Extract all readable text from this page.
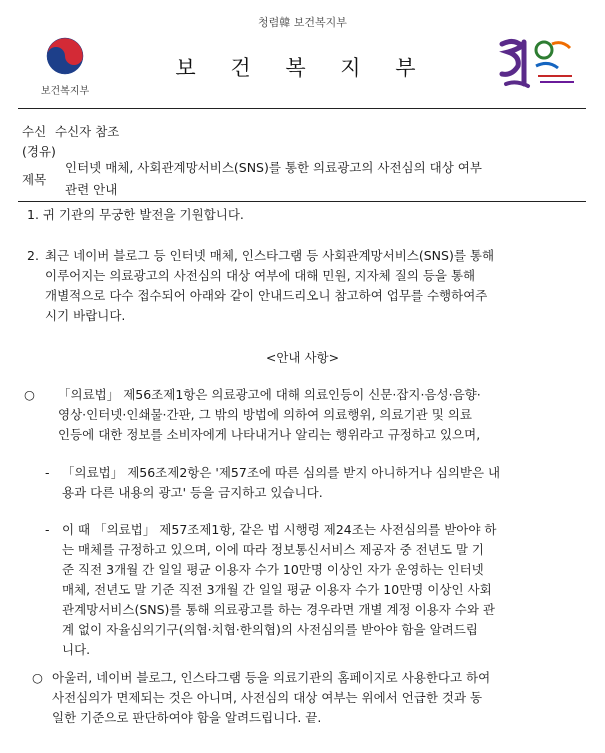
청렴韓 보건복지부
보건복지부
보 건 복 지 부
수신 수신자 참조
(경유)
제목
인터넷 매체, 사회관계망서비스(SNS)를 통한 의료광고의 사전심의 대상 여부
관련 안내
1. 귀 기관의 무궁한 발전을 기원합니다.
2. 최근 네이버 블로그 등 인터넷 매체, 인스타그램 등 사회관계망서비스(SNS)를 통해
이루어지는 의료광고의 사전심의 대상 여부에 대해 민원, 지자체 질의 등을 통해
개별적으로 다수 접수되어 아래와 같이 안내드리오니 참고하여 업무를 수행하여주
시기 바랍니다.
<안내 사항>
○ 「의료법」 제56조제1항은 의료광고에 대해 의료인등이 신문·잡지·음성·음향·
영상·인터넷·인쇄물·간판, 그 밖의 방법에 의하여 의료행위, 의료기관 및 의료
인등에 대한 정보를 소비자에게 나타내거나 알리는 행위라고 규정하고 있으며,
- 「의료법」 제56조제2항은 '제57조에 따른 심의를 받지 아니하거나 심의받은 내
용과 다른 내용의 광고' 등을 금지하고 있습니다.
- 이 때 「의료법」 제57조제1항, 같은 법 시행령 제24조는 사전심의를 받아야 하
는 매체를 규정하고 있으며, 이에 따라 정보통신서비스 제공자 중 전년도 말 기
준 직전 3개월 간 일일 평균 이용자 수가 10만명 이상인 자가 운영하는 인터넷
매체, 전년도 말 기준 직전 3개월 간 일일 평균 이용자 수가 10만명 이상인 사회
관계망서비스(SNS)를 통해 의료광고를 하는 경우라면 개별 계정 이용자 수와 관
계 없이 자율심의기구(의협·치협·한의협)의 사전심의를 받아야 함을 알려드립
니다.
○ 아울러, 네이버 블로그, 인스타그램 등을 의료기관의 홈페이지로 사용한다고 하여
사전심의가 면제되는 것은 아니며, 사전심의 대상 여부는 위에서 언급한 것과 동
일한 기준으로 판단하여야 함을 알려드립니다. 끝.
